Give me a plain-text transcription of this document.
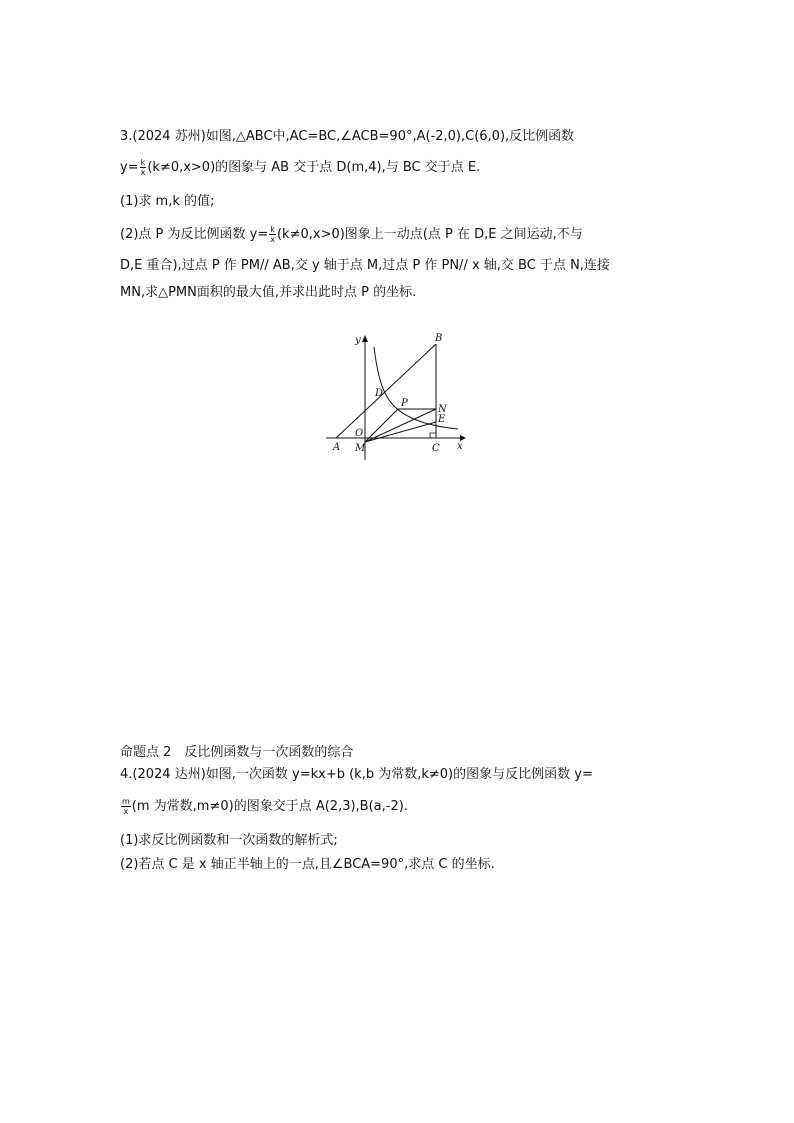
3.(2024 苏州)如图,△ABC中,AC=BC,∠ACB=90°,A(-2,0),C(6,0),反比例函数
$y= \frac{k}{x} (k\ne 0,x>0)$的图象与 AB 交于点 D(m,4),与 BC 交于点 E.
(1)求 m,k 的值;
(2)点 P 为反比例函数 $y= \frac{k}{x} (k\ne 0,x>0)$图象上一动点(点 P 在 D,E 之间运动,不与
D,E 重合),过点 P 作 PM// AB,交 y 轴于点 M,过点 P 作 PN// x 轴,交 BC 于点 N,连接
MN,求△PMN面积的最大值,并求出此时点 P 的坐标.
y
x
B
D
P
N
E
O
A M	C
命题点 2　反比例函数与一次函数的综合
4.(2024 达州)如图,一次函数 y=kx+b (k,b 为常数,k≠0)的图象与反比例函数 y=
$\frac{m}{x} (m$ 为常数,m≠0)的图象交于点 A(2,3),B(a,-2).
(1)求反比例函数和一次函数的解析式;
(2)若点 C 是 x 轴正半轴上的一点,且∠BCA=90°,求点 C 的坐标.
